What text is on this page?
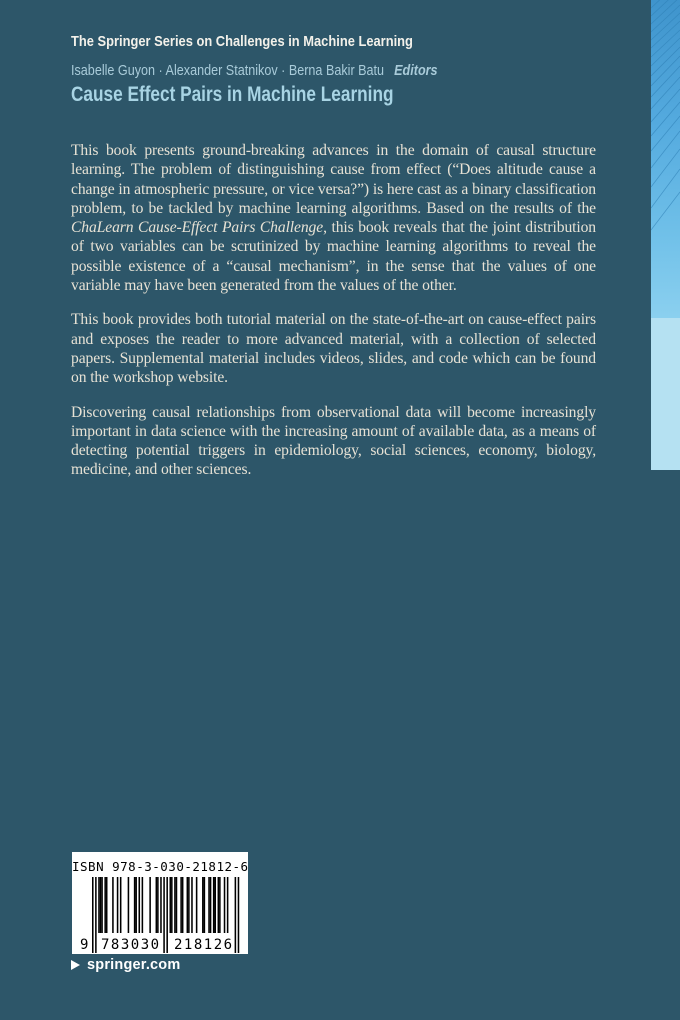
The Springer Series on Challenges in Machine Learning
Isabelle Guyon · Alexander Statnikov · Berna Bakir Batu Editors
Cause Effect Pairs in Machine Learning

This book presents ground-breaking advances in the domain of causal structure learning. The problem of distinguishing cause from effect (“Does altitude cause a change in atmospheric pressure, or vice versa?”) is here cast as a binary classification problem, to be tackled by machine learning algorithms. Based on the results of the ChaLearn Cause-Effect Pairs Challenge, this book reveals that the joint distribution of two variables can be scrutinized by machine learning algorithms to reveal the possible existence of a “causal mechanism”, in the sense that the values of one variable may have been generated from the values of the other.

This book provides both tutorial material on the state-of-the-art on cause-effect pairs and exposes the reader to more advanced material, with a collection of selected papers. Supplemental material includes videos, slides, and code which can be found on the workshop website.

Discovering causal relationships from observational data will become increasingly important in data science with the increasing amount of available data, as a means of detecting potential triggers in epidemiology, social sciences, economy, biology, medicine, and other sciences.

ISBN 978-3-030-21812-6
9 783030 218126
springer.com
